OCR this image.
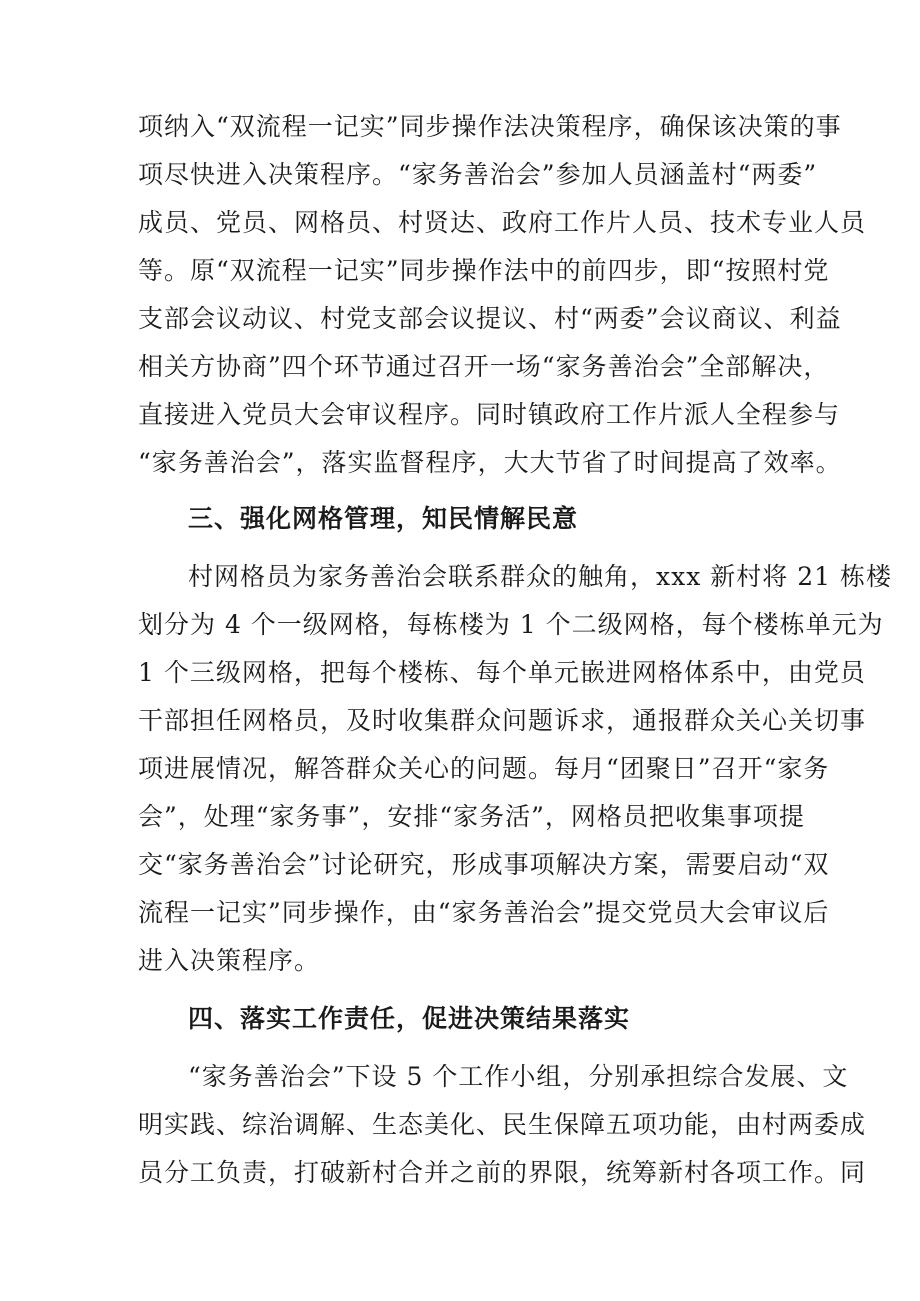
项纳入“双流程一记实”同步操作法决策程序，确保该决策的事
项尽快进入决策程序。“家务善治会”参加人员涵盖村“两委”
成员、党员、网格员、村贤达、政府工作片人员、技术专业人员
等。原“双流程一记实”同步操作法中的前四步，即“按照村党
支部会议动议、村党支部会议提议、村“两委”会议商议、利益
相关方协商”四个环节通过召开一场“家务善治会”全部解决，
直接进入党员大会审议程序。同时镇政府工作片派人全程参与
“家务善治会”，落实监督程序，大大节省了时间提高了效率。
三、强化网格管理，知民情解民意
村网格员为家务善治会联系群众的触角，xxx 新村将 21 栋楼
划分为 4 个一级网格，每栋楼为 1 个二级网格，每个楼栋单元为
1 个三级网格，把每个楼栋、每个单元嵌进网格体系中，由党员
干部担任网格员，及时收集群众问题诉求，通报群众关心关切事
项进展情况，解答群众关心的问题。每月“团聚日”召开“家务
会”，处理“家务事”，安排“家务活”，网格员把收集事项提
交“家务善治会”讨论研究，形成事项解决方案，需要启动“双
流程一记实”同步操作，由“家务善治会”提交党员大会审议后
进入决策程序。
四、落实工作责任，促进决策结果落实
“家务善治会”下设 5 个工作小组，分别承担综合发展、文
明实践、综治调解、生态美化、民生保障五项功能，由村两委成
员分工负责，打破新村合并之前的界限，统筹新村各项工作。同
